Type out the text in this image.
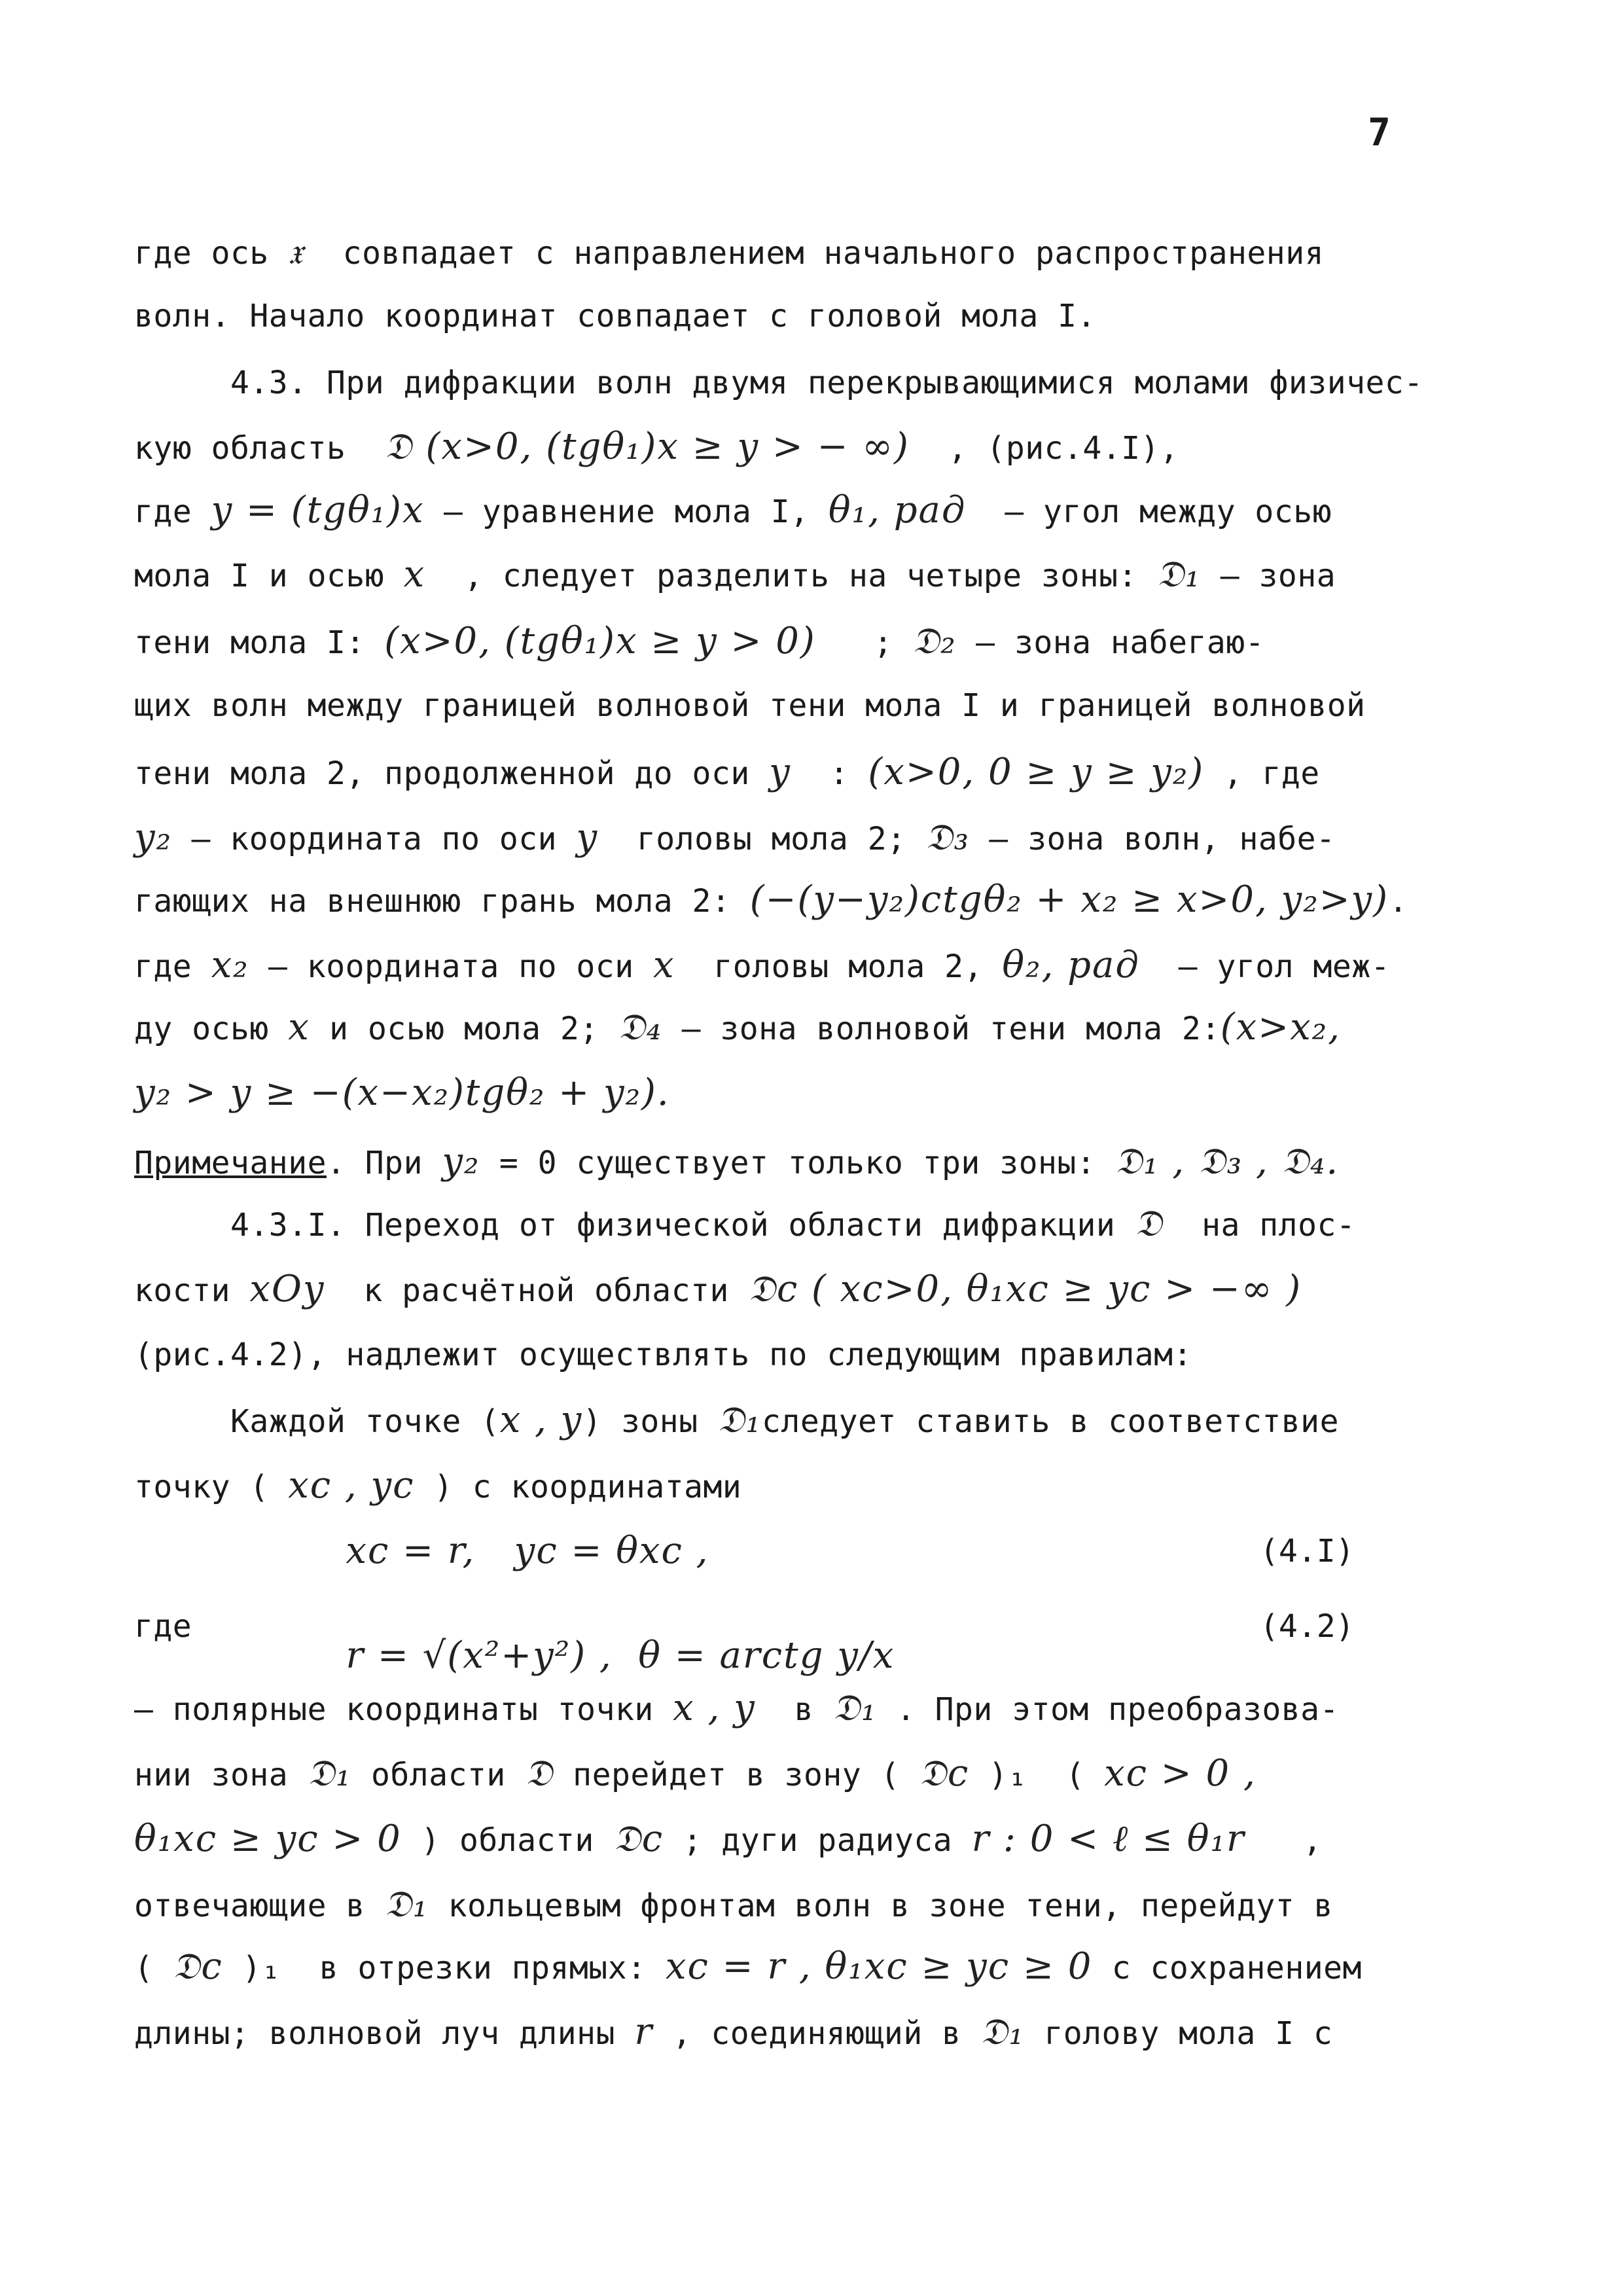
7
где ось 𝔵  совпадает с направлением начального распространения
волн. Начало координат совпадает с головой мола I.
4.3. При дифракции волн двумя перекрывающимися молами физичес-
кую область  𝔇 (x>0, (tgθ₁)x ≥ y > − ∞)  , (рис.4.I),
где y = (tgθ₁)x – уравнение мола I, θ₁, рад  – угол между осью
мола I и осью x  , следует разделить на четыре зоны: 𝔇₁ – зона
тени мола I: (x>0, (tgθ₁)x ≥ y > 0)   ; 𝔇₂ – зона набегаю-
щих волн между границей волновой тени мола I и границей волновой
тени мола 2, продолженной до оси y  : (x>0, 0 ≥ y ≥ y₂) , где
y₂ – координата по оси y  головы мола 2; 𝔇₃ – зона волн, набе-
гающих на внешнюю грань мола 2: (−(y−y₂)ctgθ₂ + x₂ ≥ x>0, y₂>y).
где x₂ – координата по оси x  головы мола 2, θ₂, рад  – угол меж-
ду осью x и осью мола 2; 𝔇₄ – зона волновой тени мола 2:(x>x₂,
y₂ > y ≥ −(x−x₂)tgθ₂ + y₂).
Примечание. При y₂ = 0 существует только три зоны: 𝔇₁ , 𝔇₃ , 𝔇₄.
4.3.I. Переход от физической области дифракции 𝔇  на плос-
кости xOy  к расчётной области 𝔇c ( xc>0, θ₁xc ≥ yc > −∞ )
(рис.4.2), надлежит осуществлять по следующим правилам:
Каждой точке (x , y) зоны 𝔇₁следует ставить в соответствие
точку ( xc , yc ) с координатами
xc = r,   yc = θxc ,
где
r = √(x²+y²) ,  θ = arctg y/x
– полярные координаты точки x , y  в 𝔇₁ . При этом преобразова-
нии зона 𝔇₁ области 𝔇 перейдет в зону ( 𝔇c )₁  ( xc > 0 ,
θ₁xc ≥ yc > 0 ) области 𝔇c ; дуги радиуса r : 0 < ℓ ≤ θ₁r   ,
отвечающие в 𝔇₁ кольцевым фронтам волн в зоне тени, перейдут в
( 𝔇c )₁  в отрезки прямых: xc = r , θ₁xc ≥ yc ≥ 0 с сохранением
длины; волновой луч длины r , соединяющий в 𝔇₁ голову мола I с
(4.I)
(4.2)
